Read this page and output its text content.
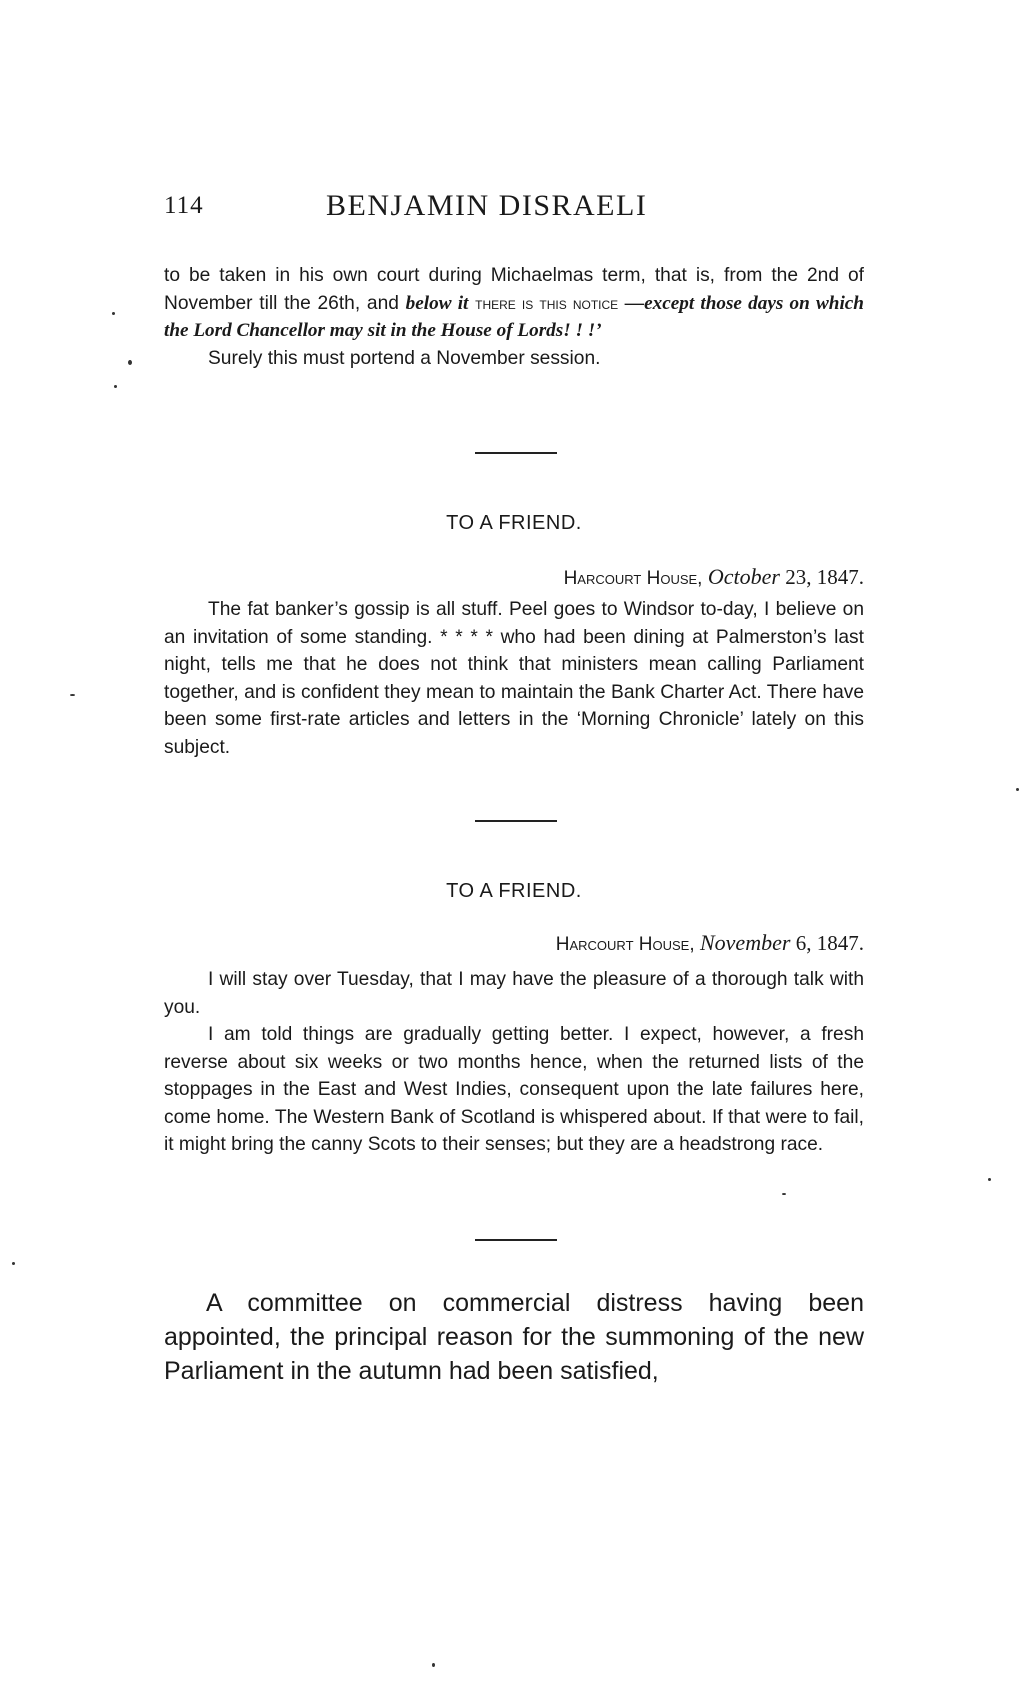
114	BENJAMIN DISRAELI

to be taken in his own court during Michaelmas term, that is, from the 2nd of November till the 26th, and below it there is this notice —except those days on which the Lord Chancellor may sit in the House of Lords! ! !’

Surely this must portend a November session.

TO A FRIEND.
Harcourt House, October 23, 1847.

The fat banker’s gossip is all stuff. Peel goes to Windsor to-day, I believe on an invitation of some standing. * * * * who had been dining at Palmerston’s last night, tells me that he does not think that ministers mean calling Parliament together, and is confident they mean to maintain the Bank Charter Act. There have been some first-rate articles and letters in the ‘Morning Chronicle’ lately on this subject.

TO A FRIEND.
Harcourt House, November 6, 1847.

I will stay over Tuesday, that I may have the pleasure of a thorough talk with you.

I am told things are gradually getting better. I expect, however, a fresh reverse about six weeks or two months hence, when the returned lists of the stoppages in the East and West Indies, consequent upon the late failures here, come home. The Western Bank of Scotland is whispered about. If that were to fail, it might bring the canny Scots to their senses; but they are a headstrong race.

A committee on commercial distress having been appointed, the principal reason for the summoning of the new Parliament in the autumn had been satisfied,
